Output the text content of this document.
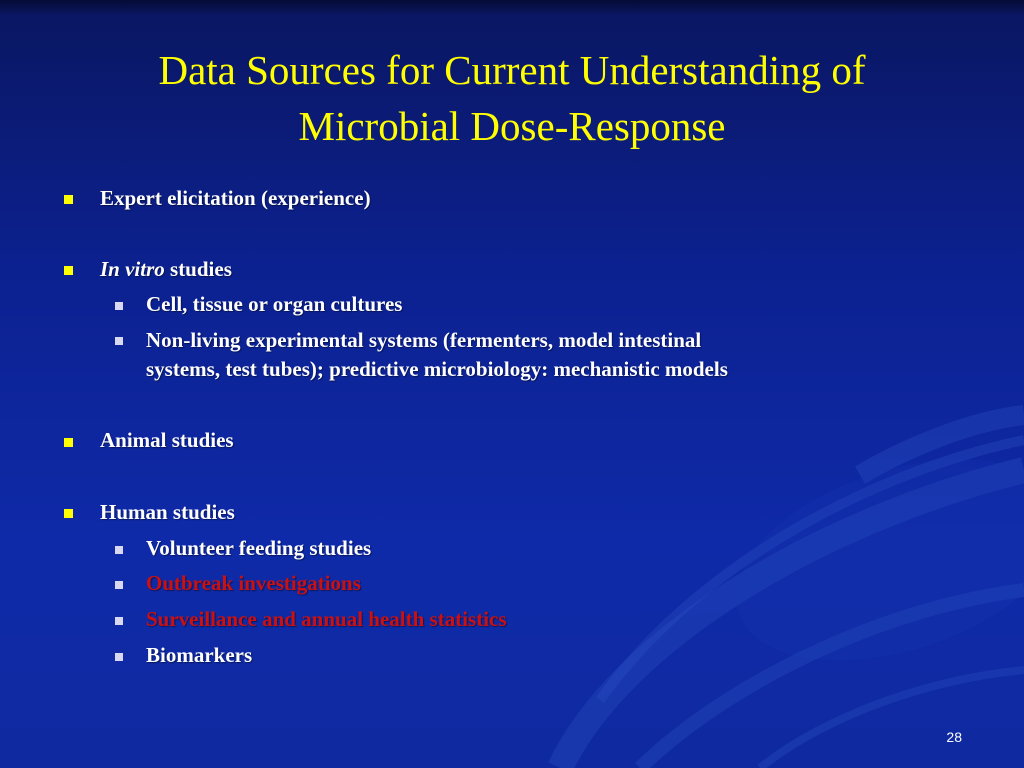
Data Sources for Current Understanding of
Microbial Dose-Response
Expert elicitation (experience)
In vitro studies
Cell, tissue or organ cultures
Non-living experimental systems (fermenters, model intestinal
systems, test tubes); predictive microbiology: mechanistic models
Animal studies
Human studies
Volunteer feeding studies
Outbreak investigations
Surveillance and annual health statistics
Biomarkers
28
